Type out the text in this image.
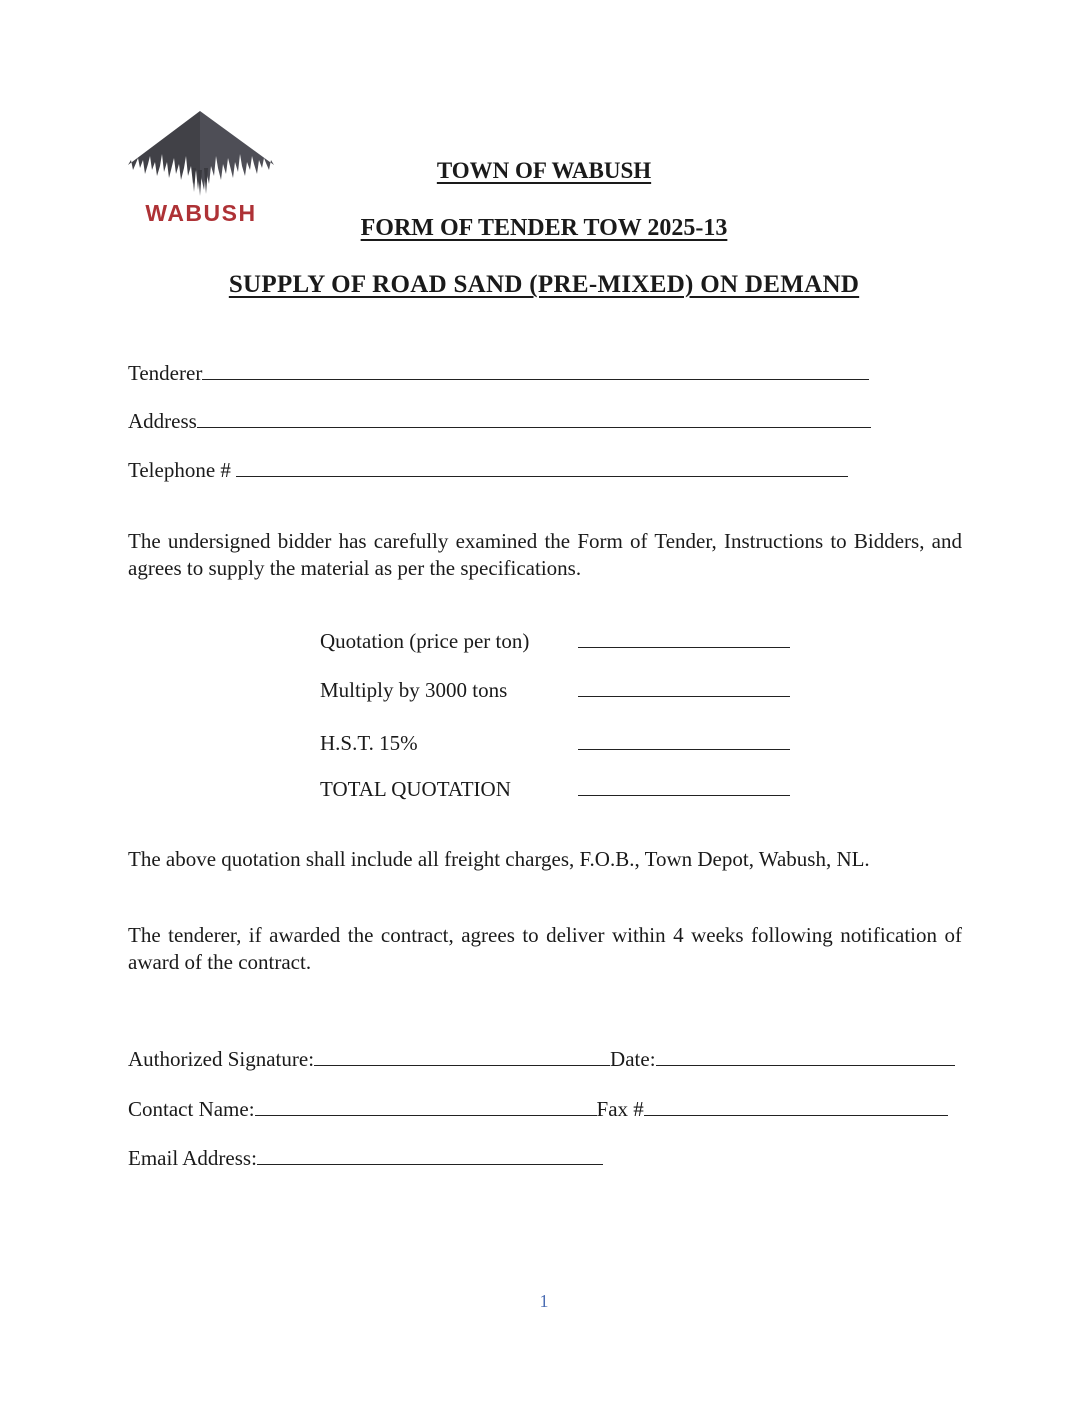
WABUSH
TOWN OF WABUSH
FORM OF TENDER TOW 2025-13
SUPPLY OF ROAD SAND (PRE-MIXED) ON DEMAND
Tenderer
Address
Telephone #
The undersigned bidder has carefully examined the Form of Tender, Instructions to Bidders, and agrees to supply the material as per the specifications.
Quotation (price per ton)
Multiply by 3000 tons
H.S.T. 15%
TOTAL QUOTATION
The above quotation shall include all freight charges, F.O.B., Town Depot, Wabush, NL.
The tenderer, if awarded the contract, agrees to deliver within 4 weeks following notification of award of the contract.
Authorized Signature:	Date:
Contact Name:	Fax #
Email Address:
1
